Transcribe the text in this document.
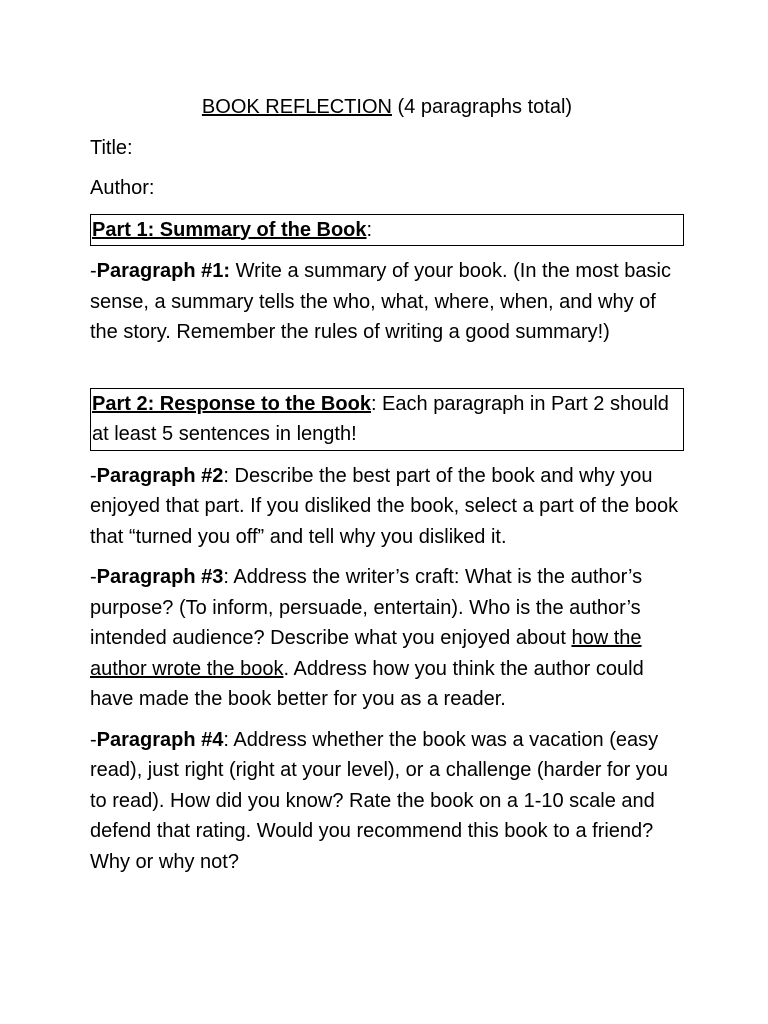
BOOK REFLECTION (4 paragraphs total)
Title:
Author:
Part 1: Summary of the Book:
-Paragraph #1: Write a summary of your book. (In the most basic sense, a summary tells the who, what, where, when, and why of the story. Remember the rules of writing a good summary!)
Part 2: Response to the Book: Each paragraph in Part 2 should at least 5 sentences in length!
-Paragraph #2: Describe the best part of the book and why you enjoyed that part. If you disliked the book, select a part of the book that “turned you off” and tell why you disliked it.
-Paragraph #3: Address the writer’s craft: What is the author’s purpose? (To inform, persuade, entertain). Who is the author’s intended audience? Describe what you enjoyed about how the author wrote the book. Address how you think the author could have made the book better for you as a reader.
-Paragraph #4: Address whether the book was a vacation (easy read), just right (right at your level), or a challenge (harder for you to read). How did you know? Rate the book on a 1-10 scale and defend that rating. Would you recommend this book to a friend? Why or why not?
